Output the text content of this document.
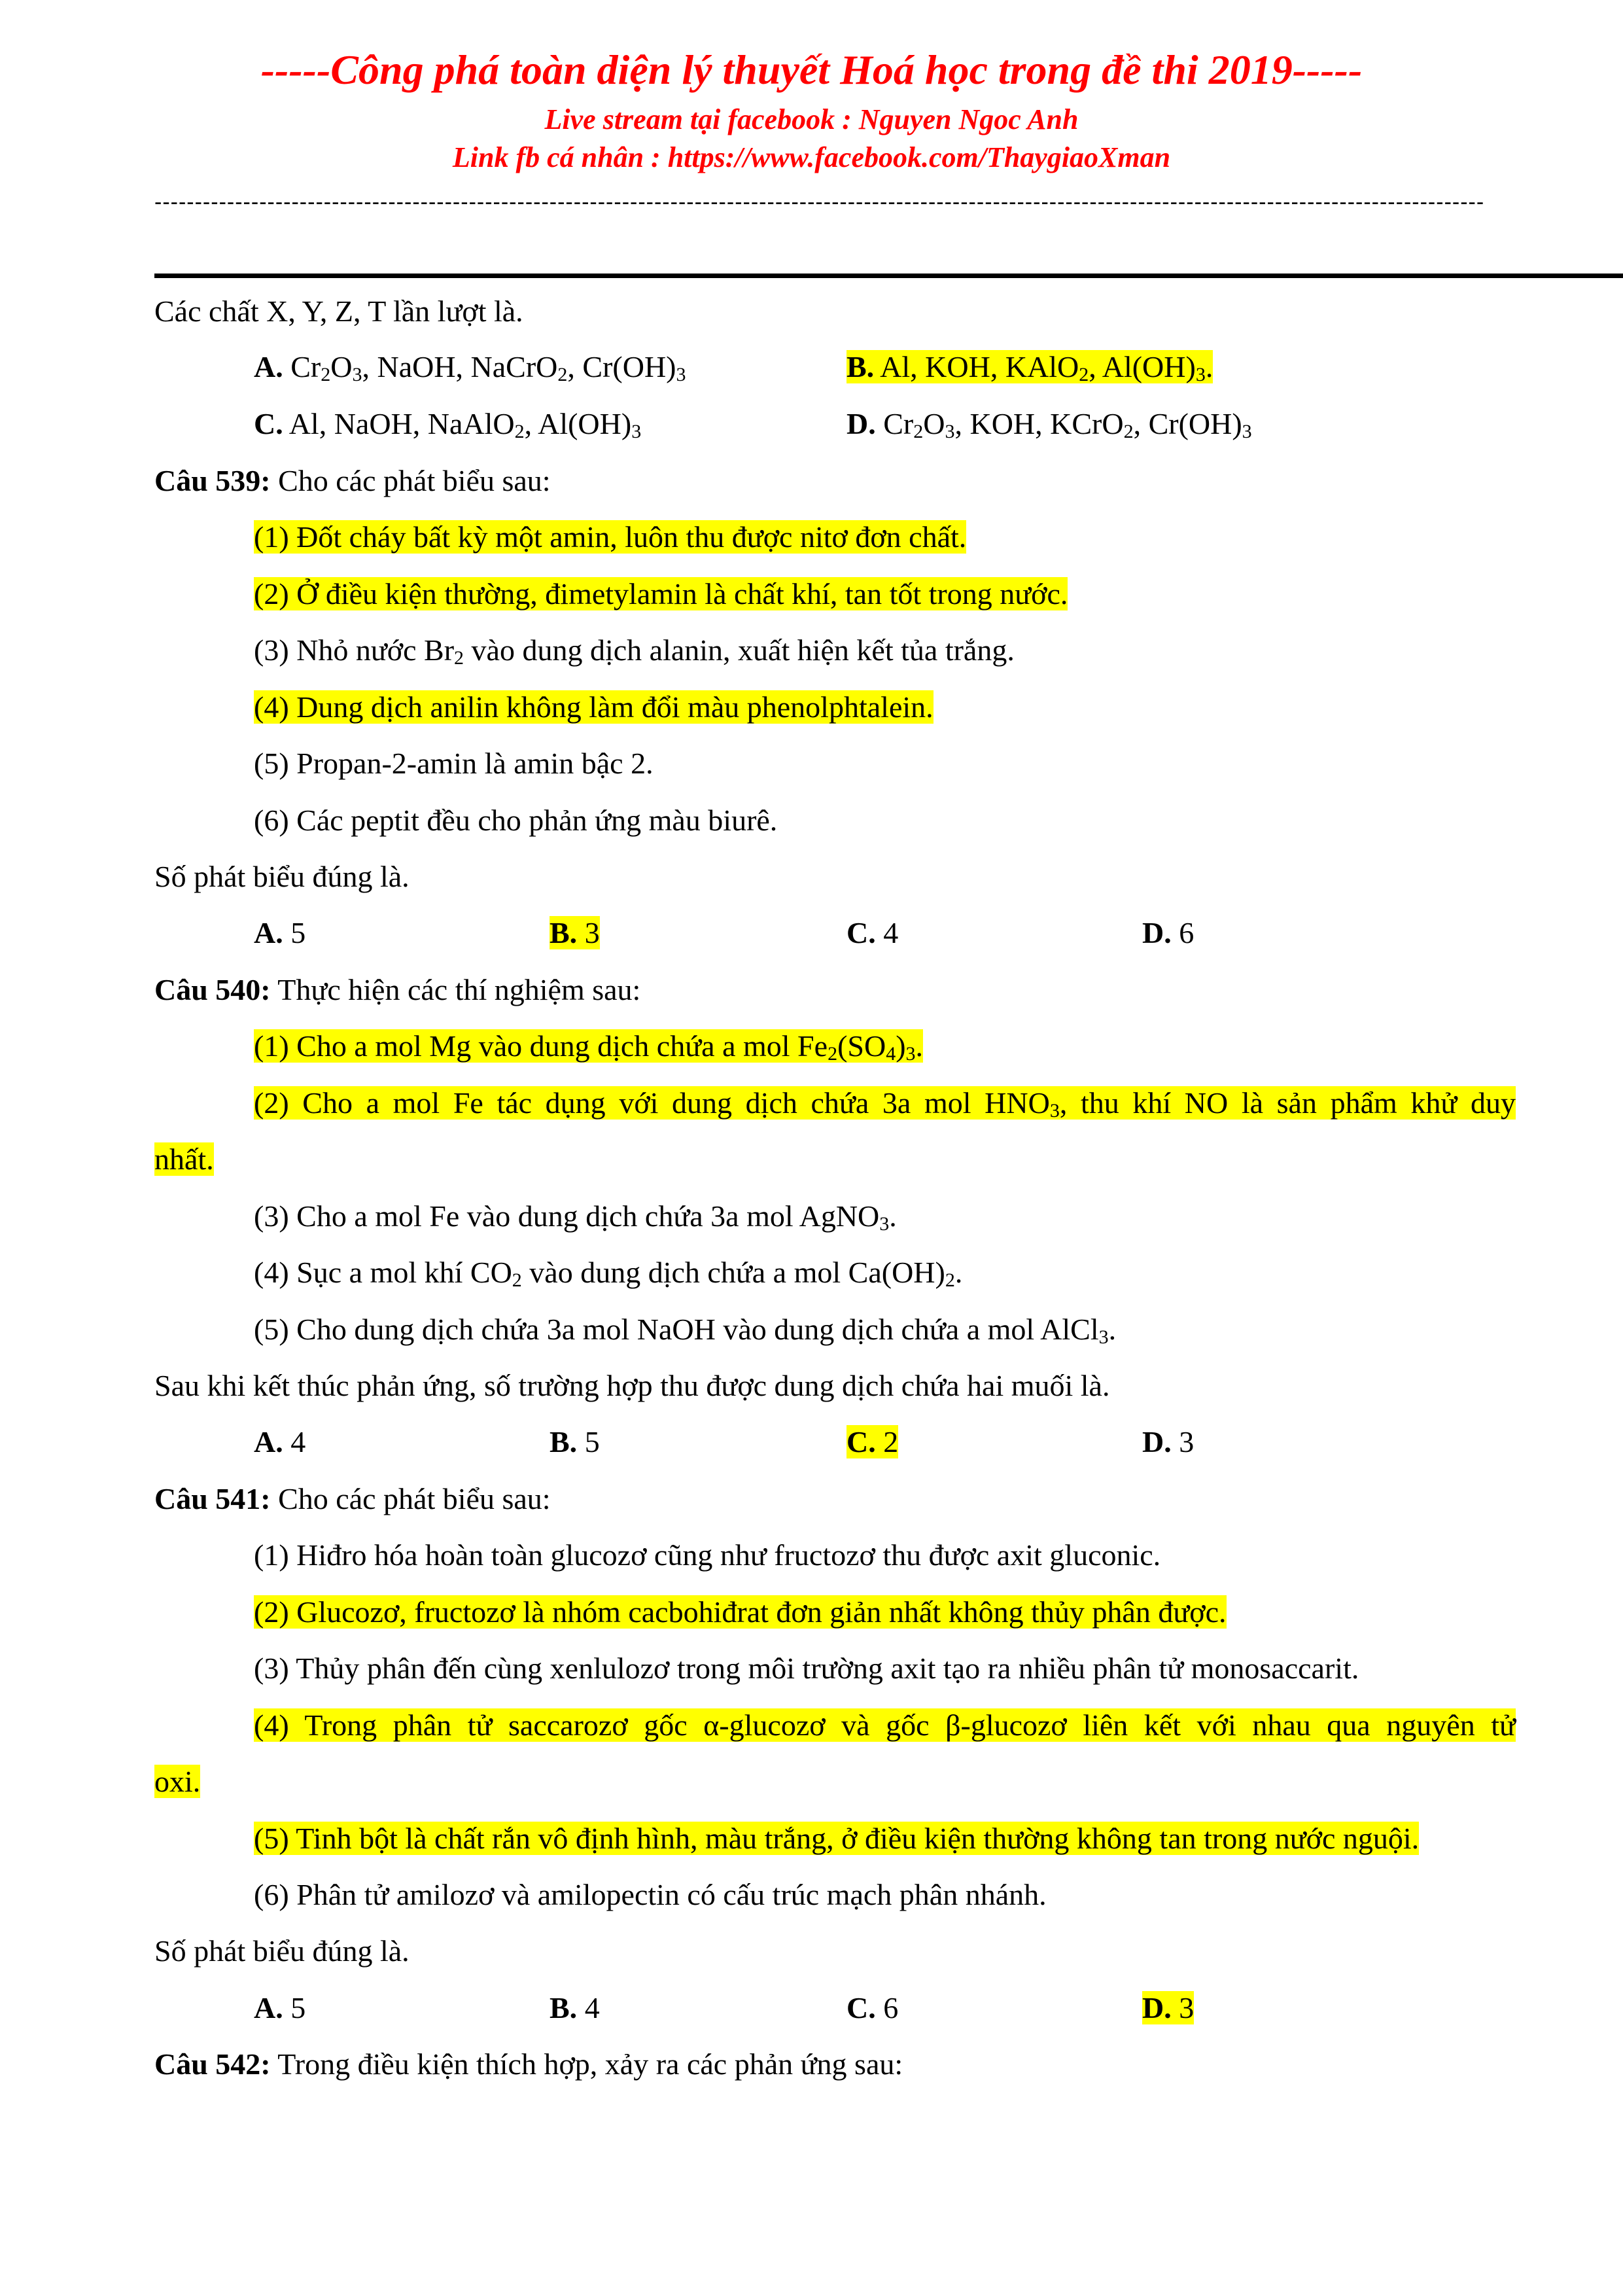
-----Công phá toàn diện lý thuyết Hoá học trong đề thi 2019-----
Live stream tại facebook : Nguyen Ngoc Anh
Link fb cá nhân : https://www.facebook.com/ThaygiaoXman
---------------------------------------------------------------------------------------------------------------------------------------------------------------------
Các chất X, Y, Z, T lần lượt là.
A. $Cr_2O_3$, NaOH, NaCrO$_2$, $Cr(OH)_3$	B. Al, KOH, KAlO$_2$, $Al(OH)_3$.
C. Al, NaOH, NaAlO$_2$, $Al(OH)_3$	D. $Cr_2O_3$, KOH, KCrO$_2$, $Cr(OH)_3$
Câu 539: Cho các phát biểu sau:
(1) Đốt cháy bất kỳ một amin, luôn thu được nitơ đơn chất.
(2) Ở điều kiện thường, đimetylamin là chất khí, tan tốt trong nước.
(3) Nhỏ nước $Br_2$ vào dung dịch alanin, xuất hiện kết tủa trắng.
(4) Dung dịch anilin không làm đổi màu phenolphtalein.
(5) Propan-2-amin là amin bậc 2.
(6) Các peptit đều cho phản ứng màu biurê.
Số phát biểu đúng là.
A. 5	B. 3	C. 4	D. 6
Câu 540: Thực hiện các thí nghiệm sau:
(1) Cho a mol Mg vào dung dịch chứa a mol $Fe_2(SO_4)_3$.
(2) Cho a mol Fe tác dụng với dung dịch chứa 3a mol $HNO_3$, thu khí NO là sản phẩm khử duy
nhất.
(3) Cho a mol Fe vào dung dịch chứa 3a mol AgNO$_3$.
(4) Sục a mol khí $CO_2$ vào dung dịch chứa a mol $Ca(OH)_2$.
(5) Cho dung dịch chứa 3a mol NaOH vào dung dịch chứa a mol AlCl$_3$.
Sau khi kết thúc phản ứng, số trường hợp thu được dung dịch chứa hai muối là.
A. 4	B. 5	C. 2	D. 3
Câu 541: Cho các phát biểu sau:
(1) Hiđro hóa hoàn toàn glucozơ cũng như fructozơ thu được axit gluconic.
(2) Glucozơ, fructozơ là nhóm cacbohiđrat đơn giản nhất không thủy phân được.
(3) Thủy phân đến cùng xenlulozơ trong môi trường axit tạo ra nhiều phân tử monosaccarit.
(4) Trong phân tử saccarozơ gốc α-glucozơ và gốc β-glucozơ liên kết với nhau qua nguyên tử
oxi.
(5) Tinh bột là chất rắn vô định hình, màu trắng, ở điều kiện thường không tan trong nước nguội.
(6) Phân tử amilozơ và amilopectin có cấu trúc mạch phân nhánh.
Số phát biểu đúng là.
A. 5	B. 4	C. 6	D. 3
Câu 542: Trong điều kiện thích hợp, xảy ra các phản ứng sau:
